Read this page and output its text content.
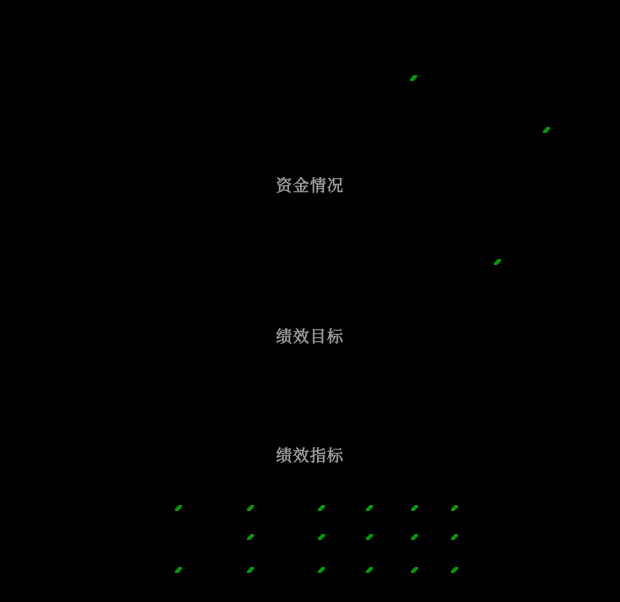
资金情况
绩效目标
绩效指标
